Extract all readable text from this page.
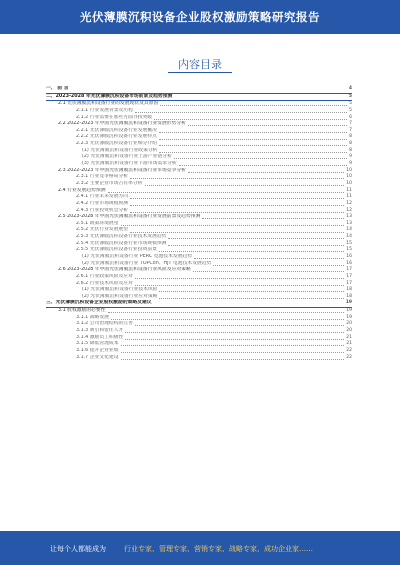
光伏薄膜沉积设备企业股权激励策略研究报告
内容目录
一、 前 言	4
二、2023-2028 年光伏薄膜沉积设备市场前景及趋势预测	5
2.1 光伏薄膜沉积设备行业的发展现状及其原因	5
2.1.1 行业发展背景及历程	5
2.1.2 行业需要在那些方面寻找突破	6
2.2 2022-2023 年中国光伏薄膜沉积设备行业发展形势分析	7
2.2.1 光伏薄膜沉积设备行业发展概况	7
2.2.2 光伏薄膜沉积设备行业发展特点	8
2.2.3 光伏薄膜沉积设备行业细分介绍	8
(1) 光伏薄膜沉积设备行业政策分析	8
(2) 光伏薄膜沉积设备行业上游产业链分析	9
(3) 光伏薄膜沉积设备行业下游市场需求分析	9
2.3 2022-2023 年中国光伏薄膜沉积设备行业市场竞争分析	10
2.3.1 行业竞争格局分析	10
2.3.2 主要企业市场占有率分析	10
2.4 行业发展趋势预测	11
2.4.1 行业未来发展方向	11
2.4.2 行业市场规模预测	12
2.4.3 行业投资机会分析	12
2.5 2023-2028 年中国光伏薄膜沉积设备行业发展前景及趋势预测	13
2.5.1 政策环境展望	13
2.5.2 光伏行业发展展望	14
2.5.3 光伏薄膜沉积设备行业技术发展趋势	14
2.5.4 光伏薄膜沉积设备行业市场规模预测	15
2.5.5 光伏薄膜沉积设备行业投资前景	15
(1) 光伏薄膜沉积设备行业 PERC 电池技术发展趋势	16
(2) 光伏薄膜沉积设备行业 TOPCon、HJT 电池技术发展趋势	16
2.6 2023-2028 年中国光伏薄膜沉积设备行业风险及应对策略	17
2.6.1 行业政策风险及应对	17
2.6.2 行业技术风险及应对	17
(1) 光伏薄膜沉积设备行业技术风险	18
(2) 光伏薄膜沉积设备行业应对策略	18
三、光伏薄膜沉积设备企业股权激励的策略及建议	19
3.1 股权激励的必要性	19
3.1.1 战略发展	19
3.1.2 公司治理结构的完善	20
3.1.3 吸引和留住人才	20
3.1.4 激励员工积极性	21
3.1.5 降低管理成本	21
3.1.6 提升企业业绩	22
3.1.7 企业文化建设	22
让每个人都能成为	行业专家、管理专家、营销专家、战略专家、成功企业家……
